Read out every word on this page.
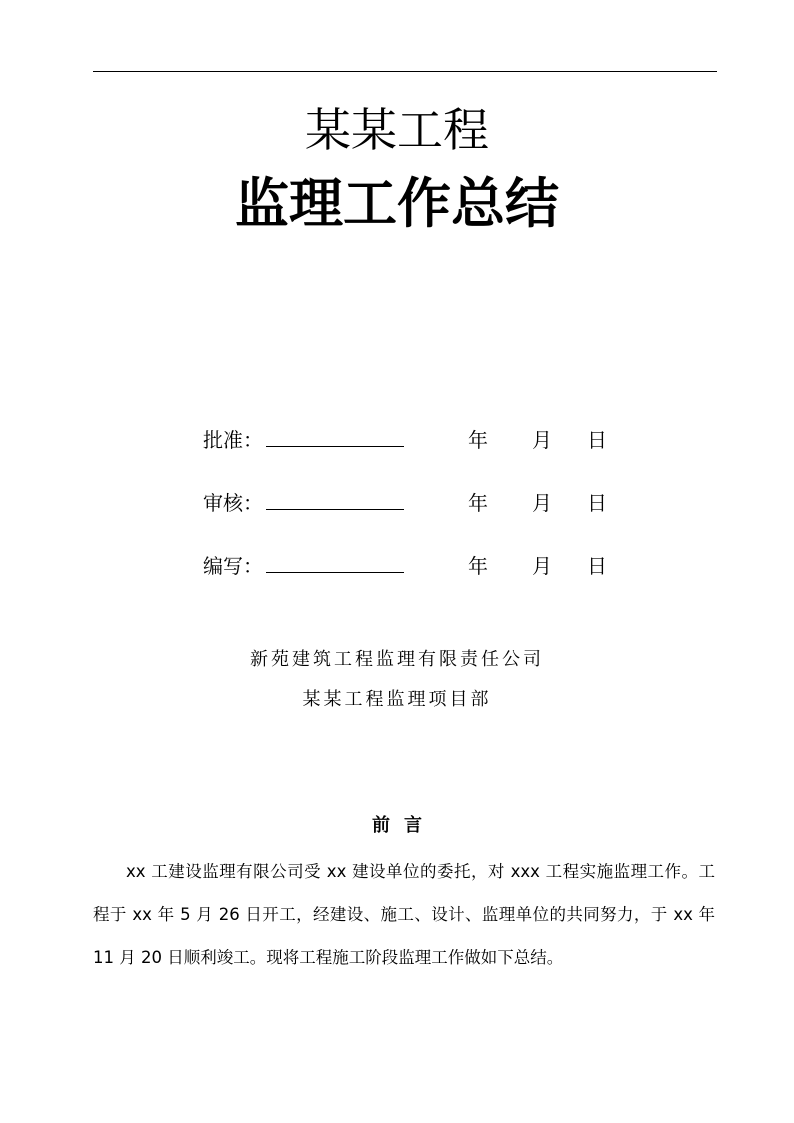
某某工程
监理工作总结
批准：	年 月 日
审核：	年 月 日
编写：	年 月 日
新苑建筑工程监理有限责任公司
某某工程监理项目部
前言
xx 工建设监理有限公司受 xx 建设单位的委托，对 xxx 工程实施监理工作。工程于 xx 年 5 月 26 日开工，经建设、施工、设计、监理单位的共同努力，于 xx 年 11 月 20 日顺利竣工。现将工程施工阶段监理工作做如下总结。
